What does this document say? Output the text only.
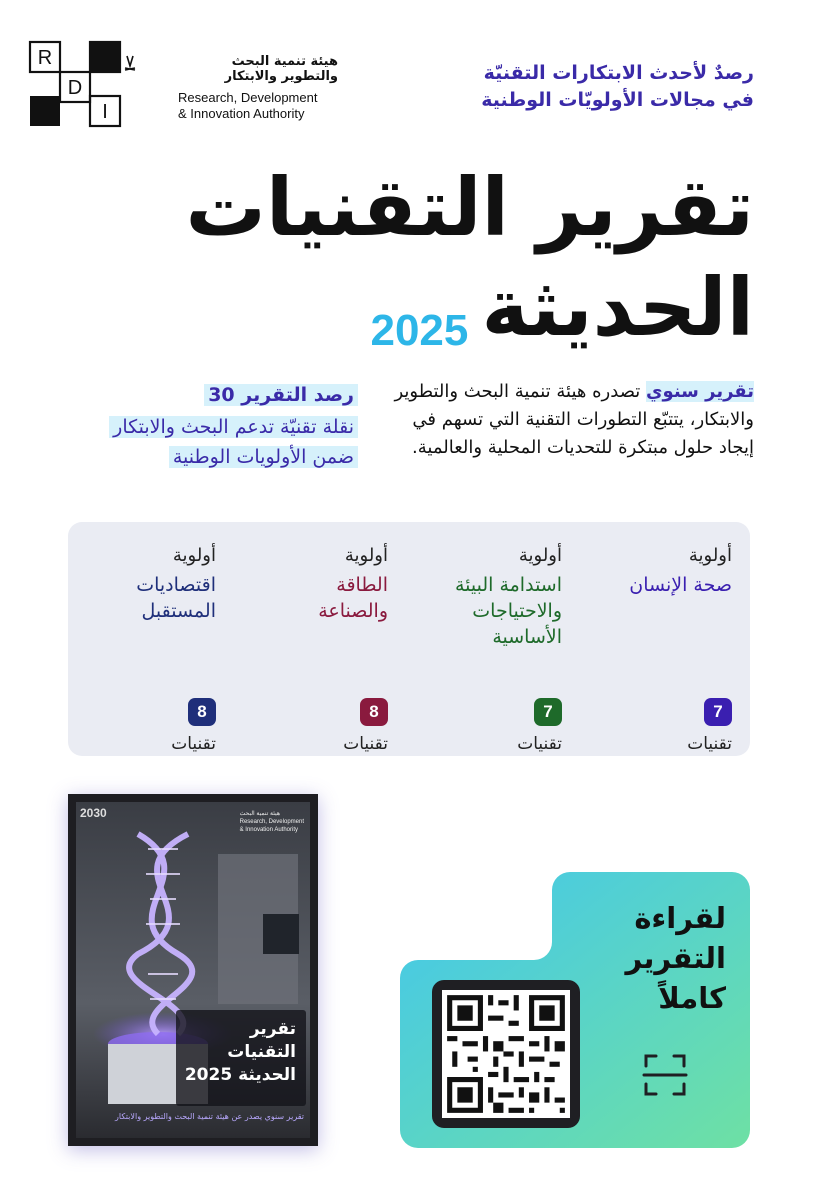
R
D
I
هيئة تنمية البحث
والتطوير والابتكار
Research, Development
& Innovation Authority
رصدٌ لأحدث الابتكارات التقنيّة
في مجالات الأولويّات الوطنية
تقرير التقنيات
الحديثة 2025
تقرير سنوي تصدره هيئة تنمية البحث والتطوير والابتكار، يتتبّع التطورات التقنية التي تسهم في إيجاد حلول مبتكرة للتحديات المحلية والعالمية.
رصد التقرير 30
نقلة تقنيّة تدعم البحث والابتكار ضمن الأولويات الوطنية
أولوية
صحة الإنسان
7
تقنيات
أولوية
استدامة البيئة والاحتياجات الأساسية
7
تقنيات
أولوية
الطاقة والصناعة
8
تقنيات
أولوية
اقتصاديات المستقبل
8
تقنيات
2030	هيئة تنمية البحث
Research, Development
& Innovation Authority
تقرير
التقنيات
الحديثة 2025
تقرير سنوي يصدر عن هيئة تنمية البحث والتطوير والابتكار
لقراءة
التقرير
كاملاً
